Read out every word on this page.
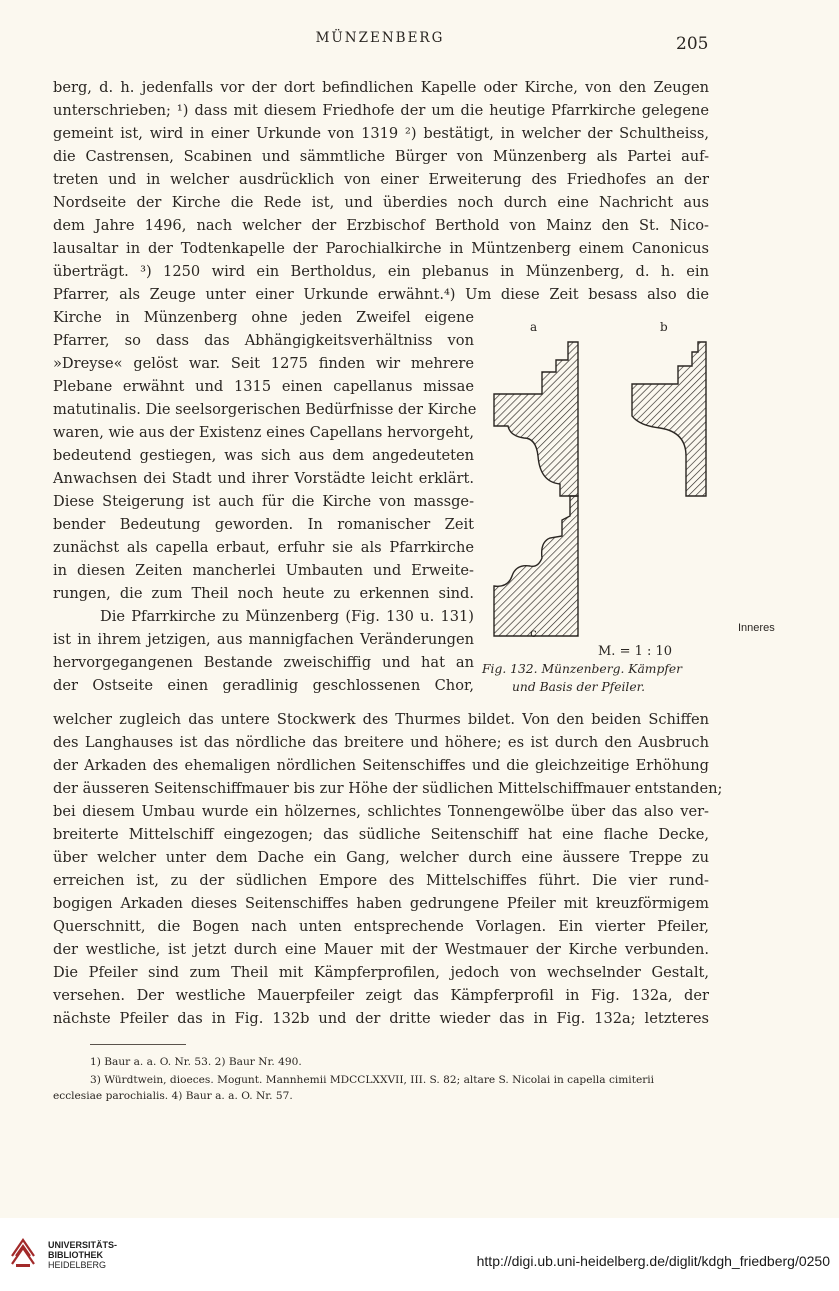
MÜNZENBERG	205
berg, d. h. jedenfalls vor der dort befindlichen Kapelle oder Kirche, von den Zeugen
unterschrieben; ¹) dass mit diesem Friedhofe der um die heutige Pfarrkirche gelegene
gemeint ist, wird in einer Urkunde von 1319 ²) bestätigt, in welcher der Schultheiss,
die Castrensen, Scabinen und sämmtliche Bürger von Münzenberg als Partei auf-
treten und in welcher ausdrücklich von einer Erweiterung des Friedhofes an der
Nordseite der Kirche die Rede ist, und überdies noch durch eine Nachricht aus
dem Jahre 1496, nach welcher der Erzbischof Berthold von Mainz den St. Nico-
lausaltar in der Todtenkapelle der Parochialkirche in Müntzenberg einem Canonicus
überträgt. ³) 1250 wird ein Bertholdus, ein plebanus in Münzenberg, d. h. ein
Pfarrer, als Zeuge unter einer Urkunde erwähnt.⁴) Um diese Zeit besass also die
Kirche in Münzenberg ohne jeden Zweifel eigene
Pfarrer, so dass das Abhängigkeitsverhältniss von
»Dreyse« gelöst war. Seit 1275 finden wir mehrere
Plebane erwähnt und 1315 einen capellanus missae
matutinalis. Die seelsorgerischen Bedürfnisse der Kirche
waren, wie aus der Existenz eines Capellans hervorgeht,
bedeutend gestiegen, was sich aus dem angedeuteten
Anwachsen dei Stadt und ihrer Vorstädte leicht erklärt.
Diese Steigerung ist auch für die Kirche von massge-
bender Bedeutung geworden. In romanischer Zeit
zunächst als capella erbaut, erfuhr sie als Pfarrkirche
in diesen Zeiten mancherlei Umbauten und Erweite-
rungen, die zum Theil noch heute zu erkennen sind.
Die Pfarrkirche zu Münzenberg (Fig. 130 u. 131)
ist in ihrem jetzigen, aus mannigfachen Veränderungen
hervorgegangenen Bestande zweischiffig und hat an
der Ostseite einen geradlinig geschlossenen Chor,
a	b
c
M. = 1 : 10
Fig. 132. Münzenberg. Kämpfer
und Basis der Pfeiler.
Inneres
welcher zugleich das untere Stockwerk des Thurmes bildet. Von den beiden Schiffen
des Langhauses ist das nördliche das breitere und höhere; es ist durch den Ausbruch
der Arkaden des ehemaligen nördlichen Seitenschiffes und die gleichzeitige Erhöhung
der äusseren Seitenschiffmauer bis zur Höhe der südlichen Mittelschiffmauer entstanden;
bei diesem Umbau wurde ein hölzernes, schlichtes Tonnengewölbe über das also ver-
breiterte Mittelschiff eingezogen; das südliche Seitenschiff hat eine flache Decke,
über welcher unter dem Dache ein Gang, welcher durch eine äussere Treppe zu
erreichen ist, zu der südlichen Empore des Mittelschiffes führt. Die vier rund-
bogigen Arkaden dieses Seitenschiffes haben gedrungene Pfeiler mit kreuzförmigem
Querschnitt, die Bogen nach unten entsprechende Vorlagen. Ein vierter Pfeiler,
der westliche, ist jetzt durch eine Mauer mit der Westmauer der Kirche verbunden.
Die Pfeiler sind zum Theil mit Kämpferprofilen, jedoch von wechselnder Gestalt,
versehen. Der westliche Mauerpfeiler zeigt das Kämpferprofil in Fig. 132a, der
nächste Pfeiler das in Fig. 132b und der dritte wieder das in Fig. 132a; letzteres
1) Baur a. a. O. Nr. 53. 2) Baur Nr. 490.
3) Würdtwein, dioeces. Mogunt. Mannhemii MDCCLXXVII, III. S. 82; altare S. Nicolai in capella cimiterii
ecclesiae parochialis. 4) Baur a. a. O. Nr. 57.
UNIVERSITÄTS-
BIBLIOTHEK
HEIDELBERG	http://digi.ub.uni-heidelberg.de/diglit/kdgh_friedberg/0250
